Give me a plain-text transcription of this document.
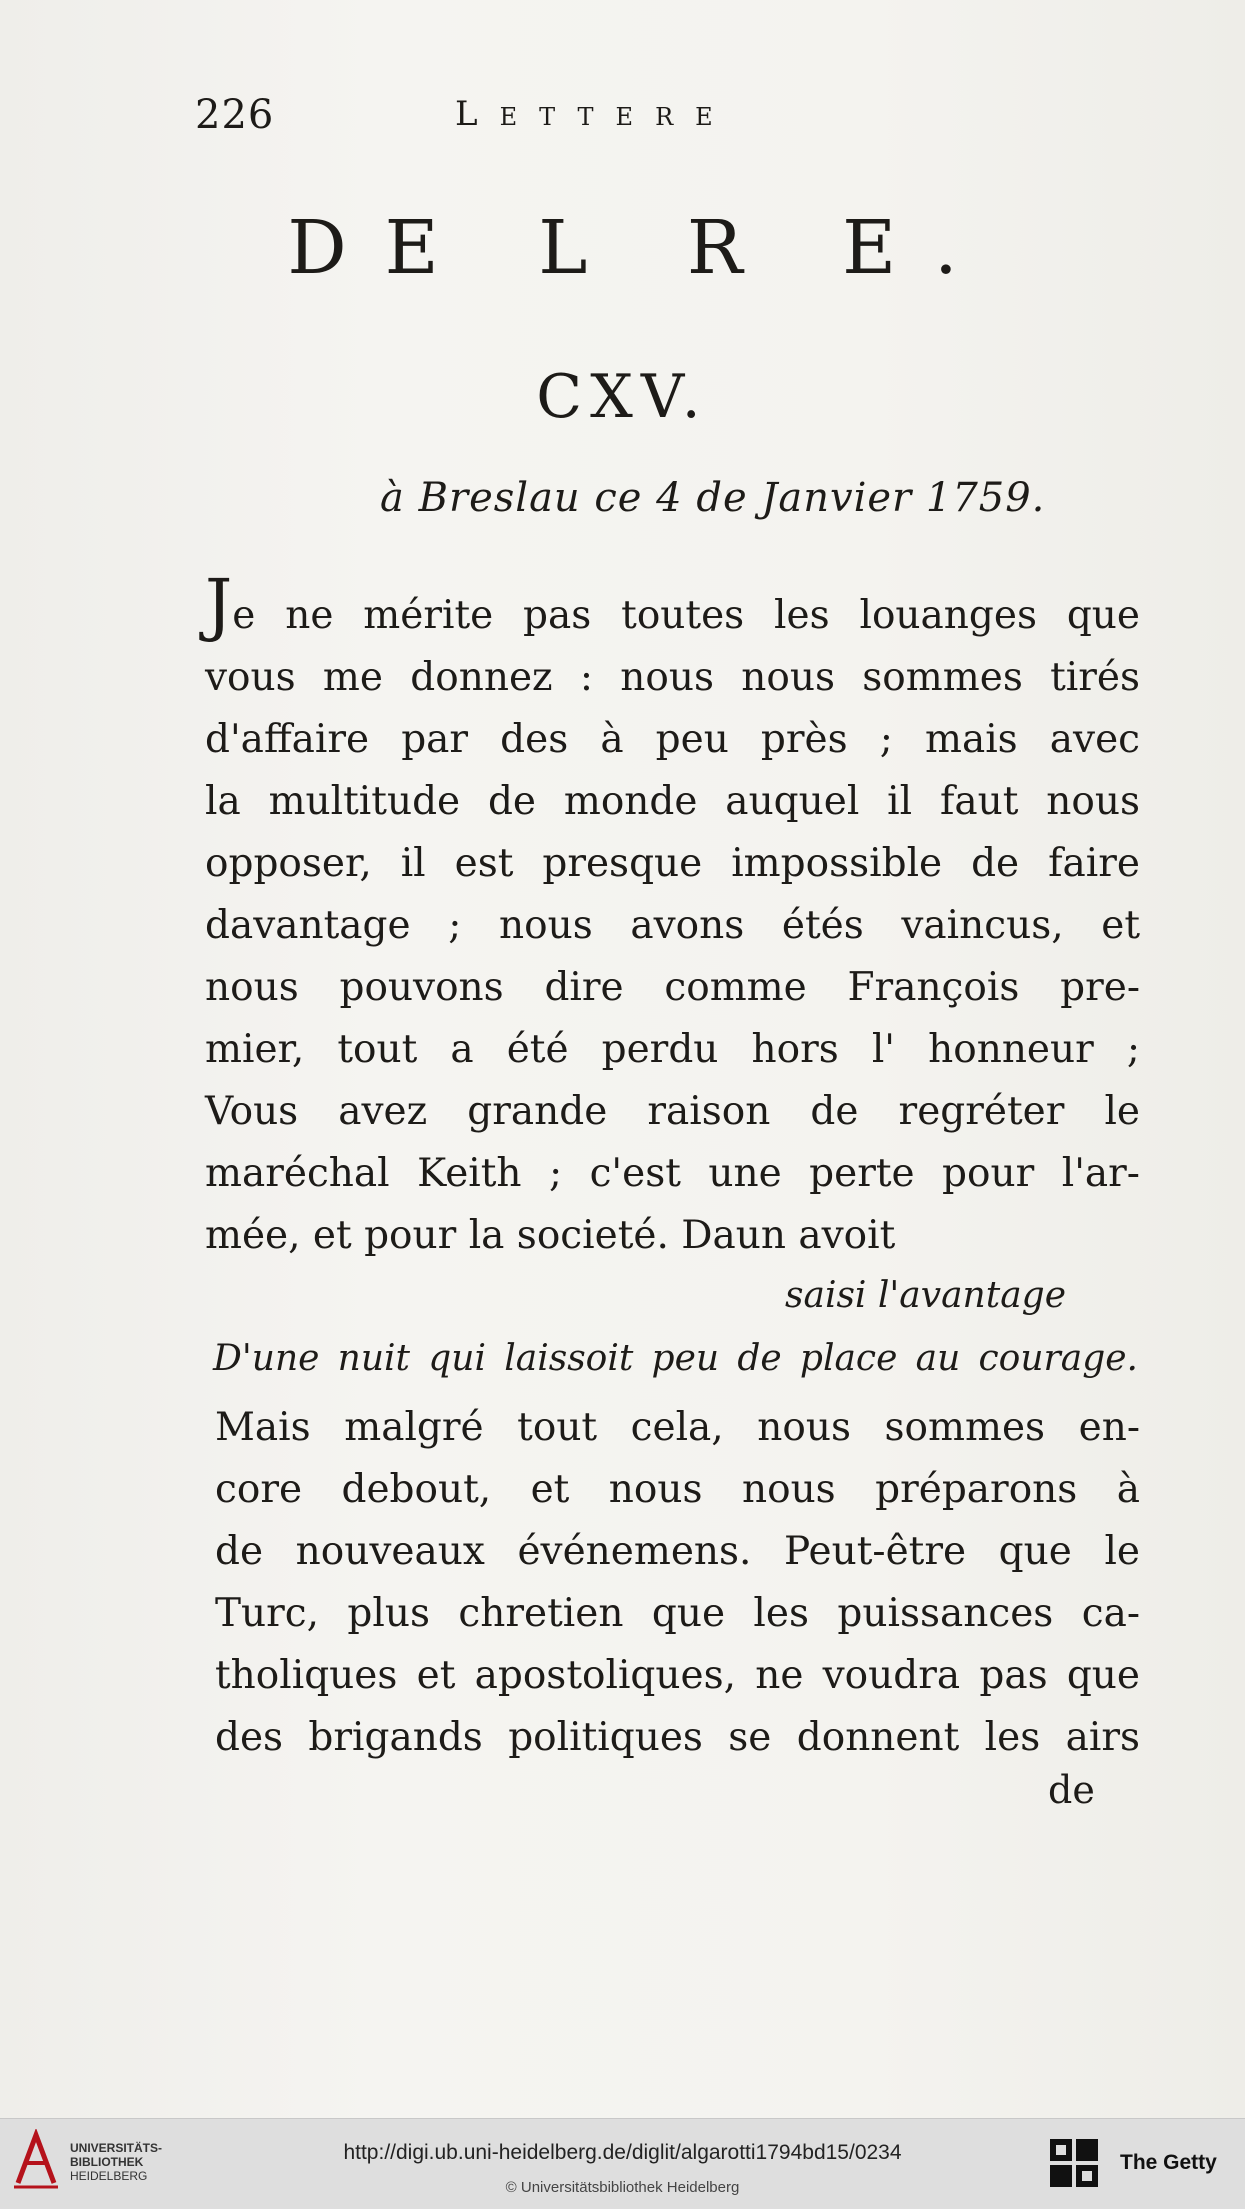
226	Lettere
DE L R E.
CXV.
à Breslau ce 4 de Janvier 1759.
Je ne mérite pas toutes les louanges que
vous me donnez : nous nous sommes tirés
d'affaire par des à peu près ; mais avec
la multitude de monde auquel il faut nous
opposer, il est presque impossible de faire
davantage ; nous avons étés vaincus, et
nous pouvons dire comme François pre-
mier, tout a été perdu hors l' honneur ;
Vous avez grande raison de regréter le
maréchal Keith ; c'est une perte pour l'ar-
mée, et pour la societé. Daun avoit
saisi l'avantage
D'une nuit qui laissoit peu de place au courage.
Mais malgré tout cela, nous sommes en-
core debout, et nous nous préparons à
de nouveaux événemens. Peut-être que le
Turc, plus chretien que les puissances ca-
tholiques et apostoliques, ne voudra pas que
des brigands politiques se donnent les airs
de
UNIVERSITÄTS-
BIBLIOTHEK
HEIDELBERG
http://digi.ub.uni-heidelberg.de/diglit/algarotti1794bd15/0234
© Universitätsbibliothek Heidelberg
The Getty
